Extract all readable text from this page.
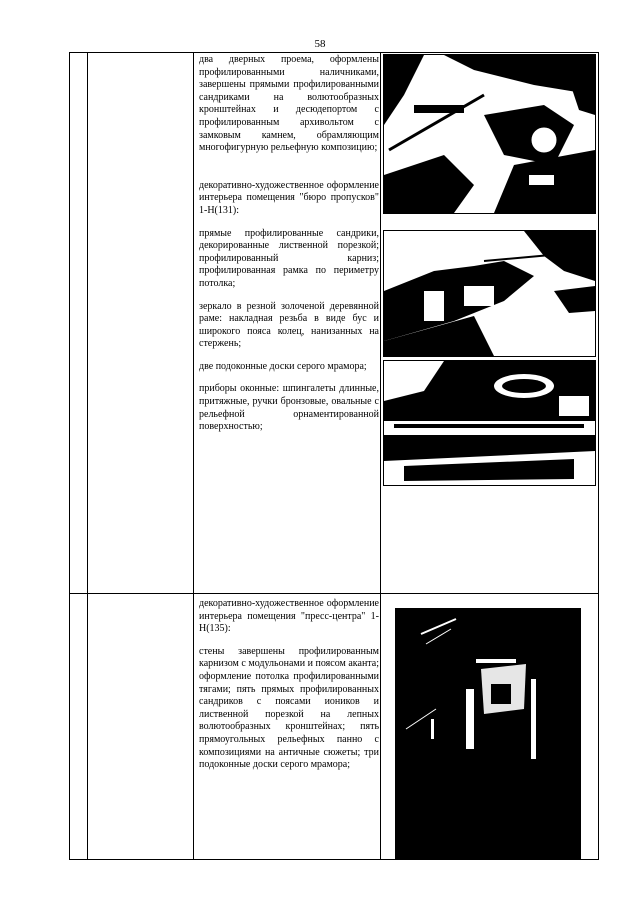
58

два дверных проема, оформлены профилированными наличниками, завершены прямыми профилированными сандриками на волютообразных кронштейнах и десюдепортом с профилированным архивольтом с замковым камнем, обрамляющим многофигурную рельефную композицию;

декоративно-художественное оформление интерьера помещения "бюро пропусков" 1-Н(131):

прямые профилированные сандрики, декорированные лиственной порезкой; профилированный карниз; профилированная рамка по периметру потолка;

зеркало в резной золоченой деревянной раме: накладная резьба в виде бус и широкого пояса колец, нанизанных на стержень;

две подоконные доски серого мрамора;

приборы оконные: шпингалеты длинные, притяжные, ручки бронзовые, овальные с рельефной орнаментированной поверхностью;

декоративно-художественное оформление интерьера помещения "пресс-центра" 1-Н(135):

стены завершены профилированным карнизом с модульонами и поясом аканта; оформление потолка профилированными тягами; пять прямых профилированных сандриков с поясами иоников и лиственной порезкой на лепных волютообразных кронштейнах; пять прямоугольных рельефных панно с композициями на античные сюжеты; три подоконные доски серого мрамора;
